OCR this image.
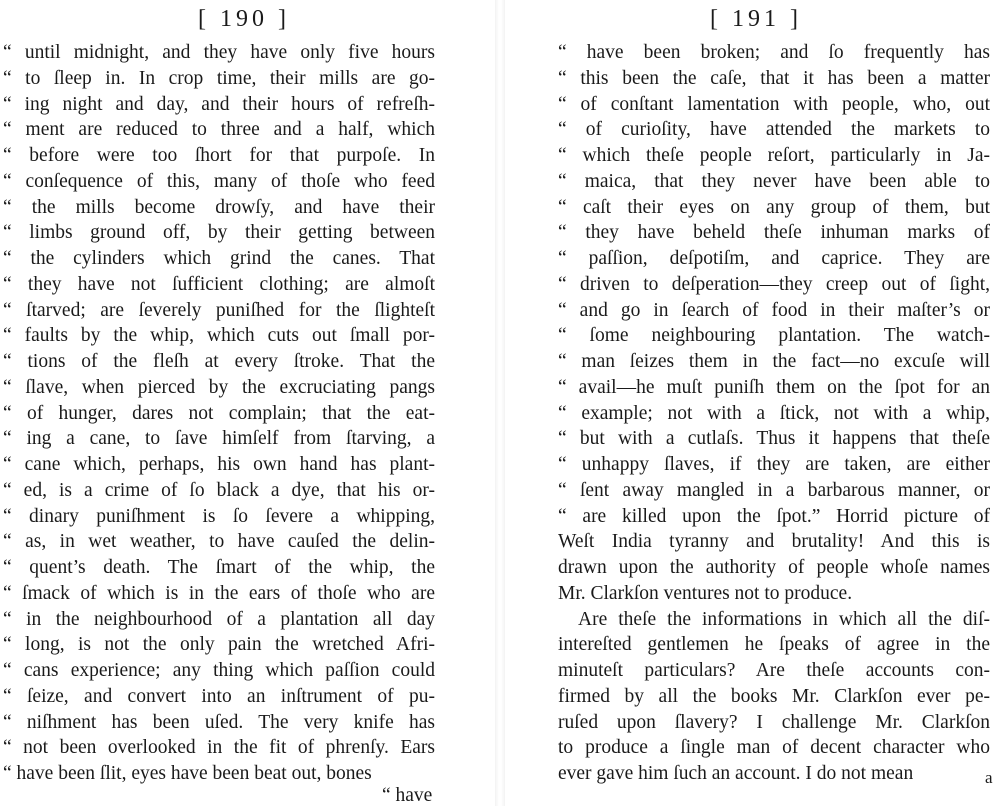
[ 190 ]

“ until midnight, and they have only five hours
“ to ſleep in. In crop time, their mills are go-
“ ing night and day, and their hours of refreſh-
“ ment are reduced to three and a half, which
“ before were too ſhort for that purpoſe. In
“ conſequence of this, many of thoſe who feed
“ the mills become drowſy, and have their
“ limbs ground off, by their getting between
“ the cylinders which grind the canes. That
“ they have not ſufficient clothing; are almoſt
“ ſtarved; are ſeverely puniſhed for the ſlighteſt
“ faults by the whip, which cuts out ſmall por-
“ tions of the fleſh at every ſtroke. That the
“ ſlave, when pierced by the excruciating pangs
“ of hunger, dares not complain; that the eat-
“ ing a cane, to ſave himſelf from ſtarving, a
“ cane which, perhaps, his own hand has plant-
“ ed, is a crime of ſo black a dye, that his or-
“ dinary puniſhment is ſo ſevere a whipping,
“ as, in wet weather, to have cauſed the delin-
“ quent’s death. The ſmart of the whip, the
“ ſmack of which is in the ears of thoſe who are
“ in the neighbourhood of a plantation all day
“ long, is not the only pain the wretched Afri-
“ cans experience; any thing which paſſion could
“ ſeize, and convert into an inſtrument of pu-
“ niſhment has been uſed. The very knife has
“ not been overlooked in the fit of phrenſy. Ears
“ have been ſlit, eyes have been beat out, bones
“ have

[ 191 ]

“ have been broken; and ſo frequently has
“ this been the caſe, that it has been a matter
“ of conſtant lamentation with people, who, out
“ of curioſity, have attended the markets to
“ which theſe people reſort, particularly in Ja-
“ maica, that they never have been able to
“ caſt their eyes on any group of them, but
“ they have beheld theſe inhuman marks of
“ paſſion, deſpotiſm, and caprice. They are
“ driven to deſperation—they creep out of ſight,
“ and go in ſearch of food in their maſter’s or
“ ſome neighbouring plantation. The watch-
“ man ſeizes them in the fact—no excuſe will
“ avail—he muſt puniſh them on the ſpot for an
“ example; not with a ſtick, not with a whip,
“ but with a cutlaſs. Thus it happens that theſe
“ unhappy ſlaves, if they are taken, are either
“ ſent away mangled in a barbarous manner, or
“ are killed upon the ſpot.” Horrid picture of
Weſt India tyranny and brutality! And this is
drawn upon the authority of people whoſe names
Mr. Clarkſon ventures not to produce.
Are theſe the informations in which all the diſ-
intereſted gentlemen he ſpeaks of agree in the
minuteſt particulars? Are theſe accounts con-
firmed by all the books Mr. Clarkſon ever pe-
ruſed upon ſlavery? I challenge Mr. Clarkſon
to produce a ſingle man of decent character who
ever gave him ſuch an account. I do not mean	a
